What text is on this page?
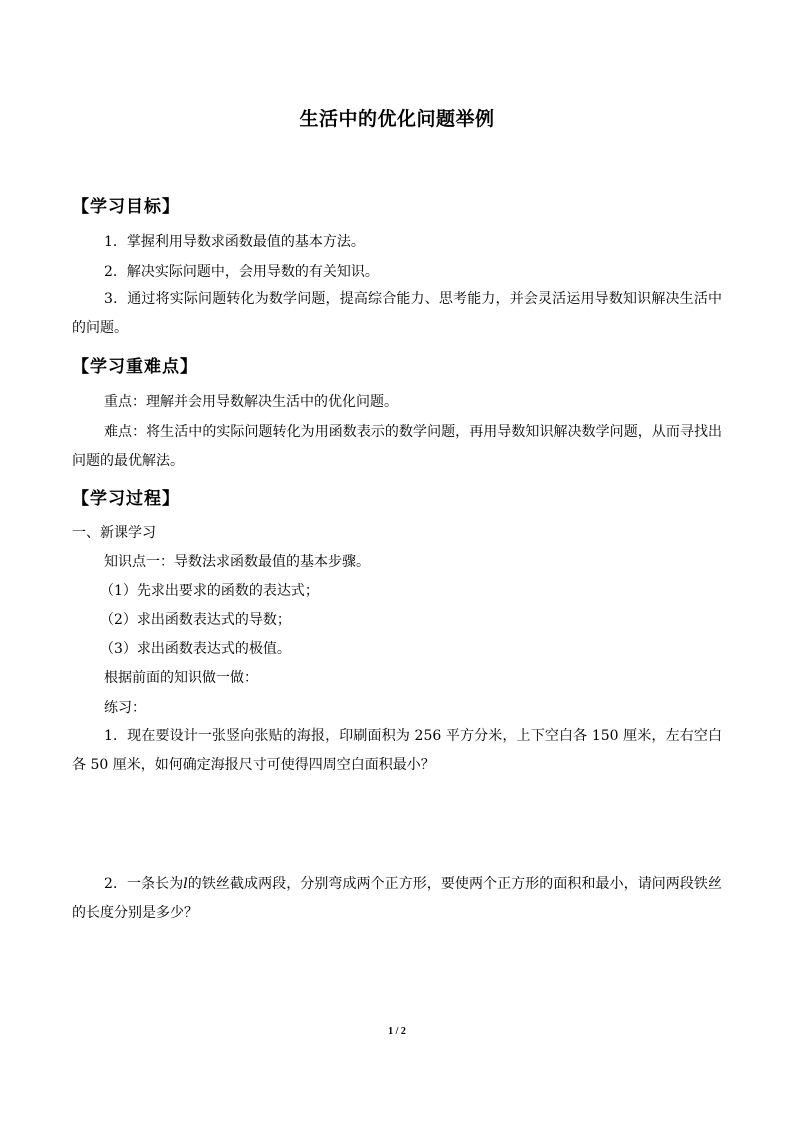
生活中的优化问题举例
【学习目标】
1．掌握利用导数求函数最值的基本方法。
2．解决实际问题中，会用导数的有关知识。
3．通过将实际问题转化为数学问题，提高综合能力、思考能力，并会灵活运用导数知识解决生活中的问题。
【学习重难点】
重点：理解并会用导数解决生活中的优化问题。
难点：将生活中的实际问题转化为用函数表示的数学问题，再用导数知识解决数学问题，从而寻找出问题的最优解法。
【学习过程】
一、新课学习
知识点一：导数法求函数最值的基本步骤。
（1）先求出要求的函数的表达式；
（2）求出函数表达式的导数；
（3）求出函数表达式的极值。
根据前面的知识做一做：
练习：
1．现在要设计一张竖向张贴的海报，印刷面积为 256 平方分米，上下空白各 150 厘米，左右空白各 50 厘米，如何确定海报尺寸可使得四周空白面积最小？
2．一条长为l的铁丝截成两段，分别弯成两个正方形，要使两个正方形的面积和最小，请问两段铁丝的长度分别是多少？
1 / 2
